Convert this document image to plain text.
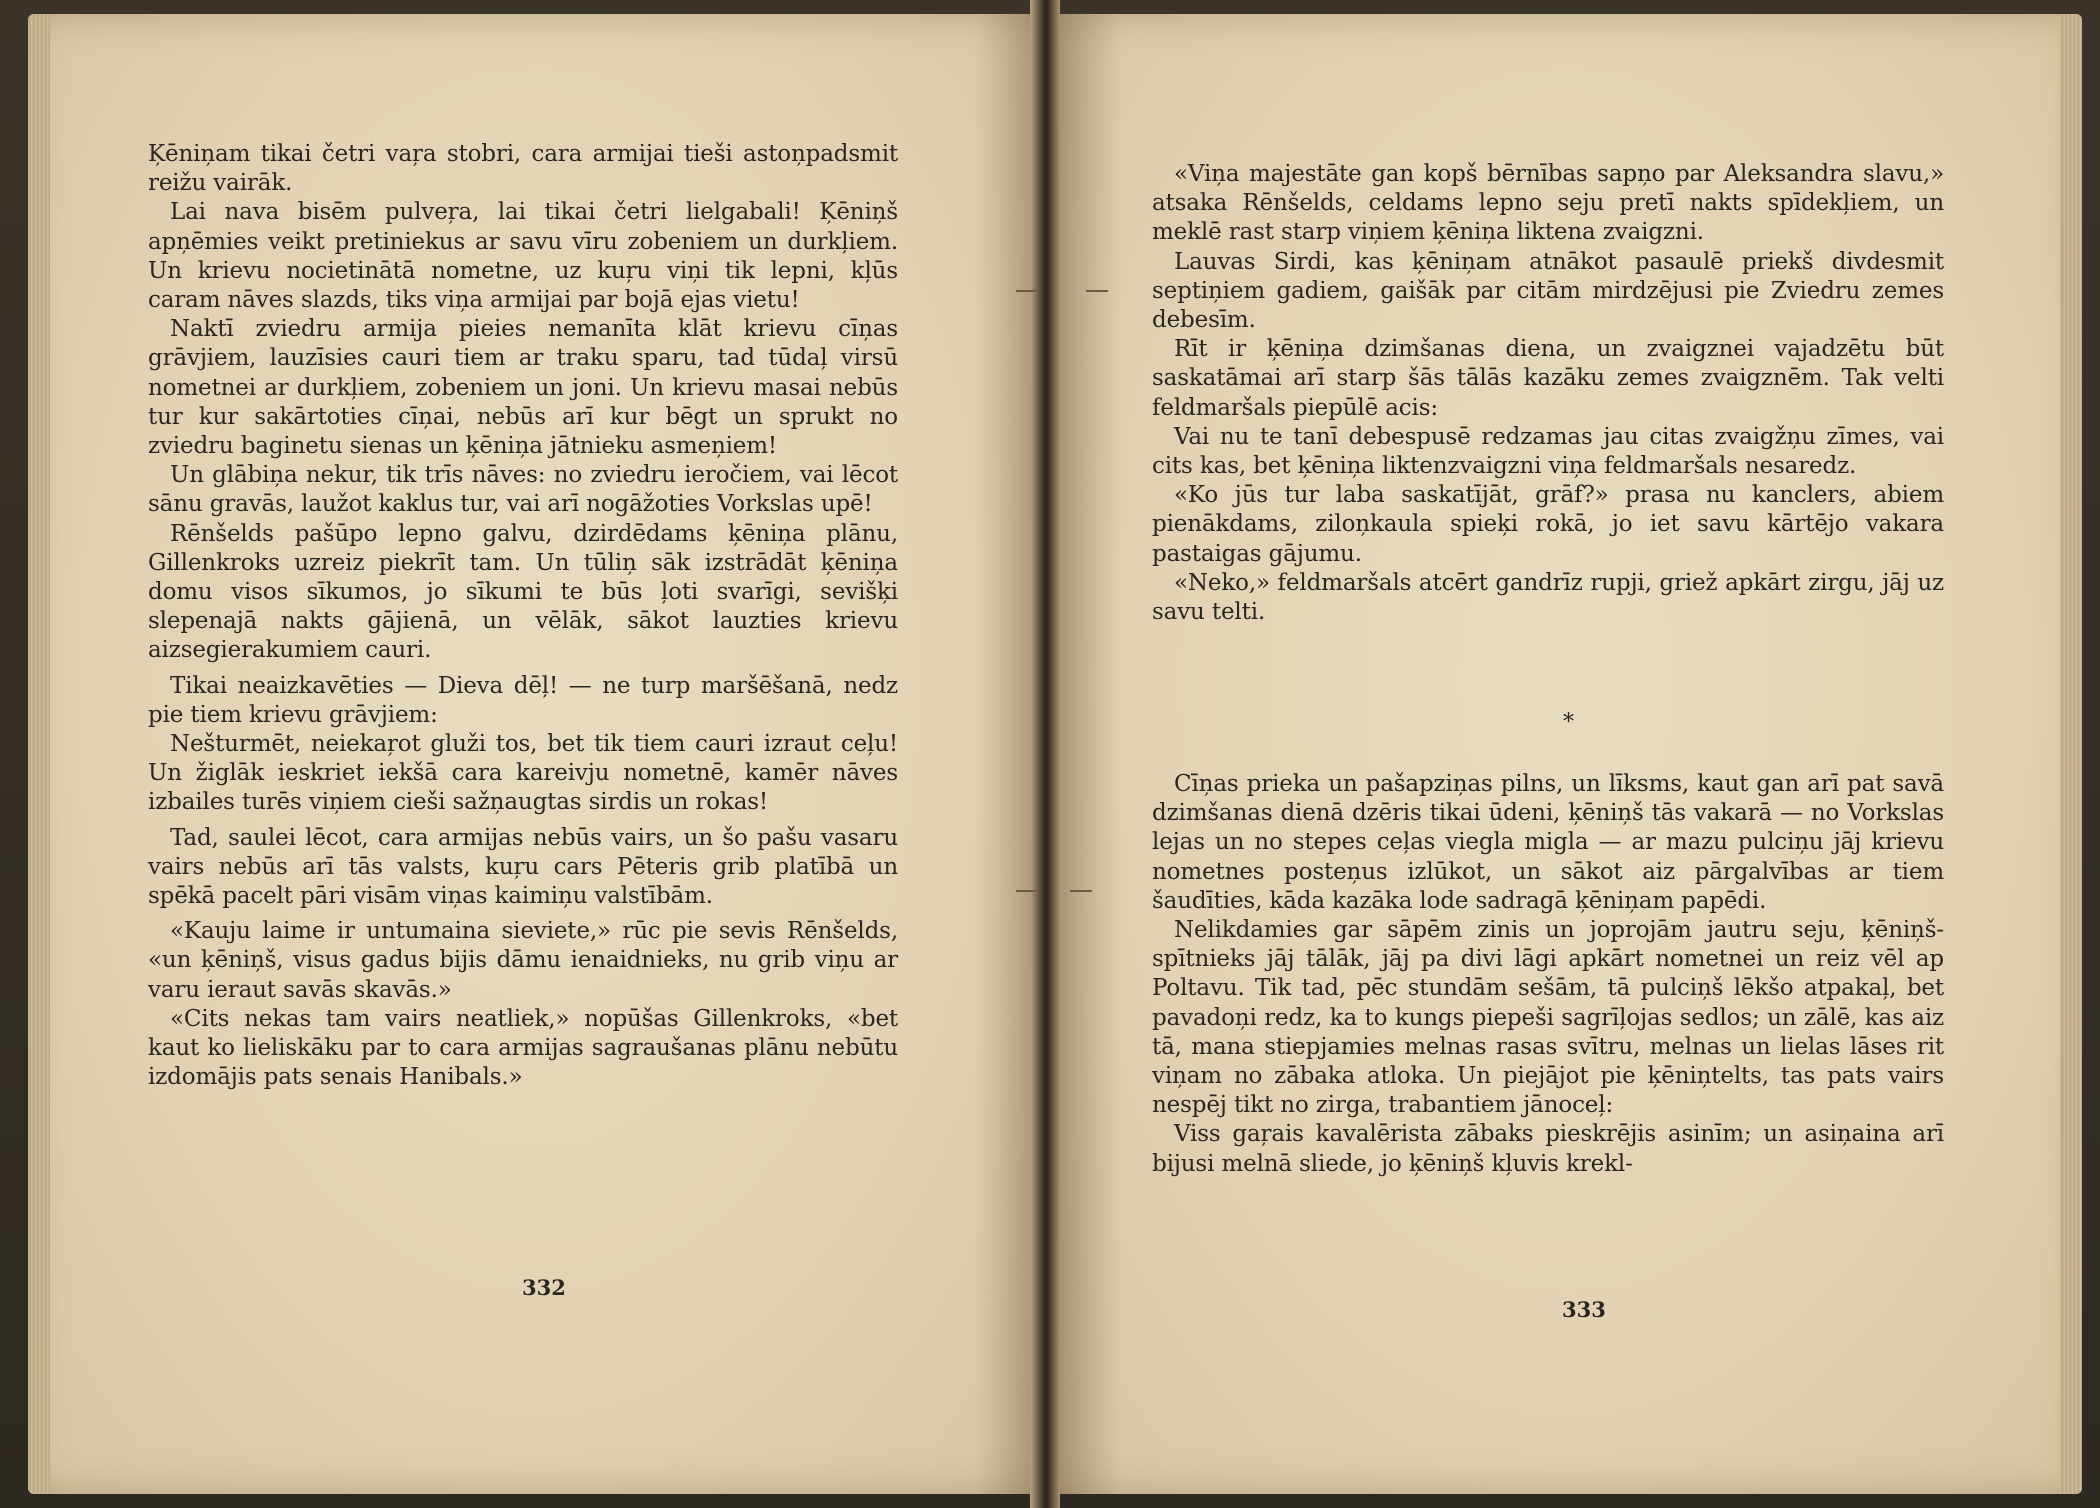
Ķēniņam tikai četri vaŗa stobri, cara armijai tieši astoņpadsmit reižu vairāk.

Lai nava bisēm pulveŗa, lai tikai četri lielgabali! Ķēniņš apņēmies veikt pretiniekus ar savu vīru zobeniem un durkļiem. Un krievu nocietinātā nometne, uz kuŗu viņi tik lepni, kļūs caram nāves slazds, tiks viņa armijai par bojā ejas vietu!

Naktī zviedru armija pieies nemanīta klāt krievu cīņas grāvjiem, lauzīsies cauri tiem ar traku sparu, tad tūdaļ virsū nometnei ar durkļiem, zobeniem un joni. Un krievu masai nebūs tur kur sakārtoties cīņai, nebūs arī kur bēgt un sprukt no zviedru baginetu sienas un ķēniņa jātnieku asmeņiem!

Un glābiņa nekur, tik trīs nāves: no zviedru ieročiem, vai lēcot sānu gravās, laužot kaklus tur, vai arī nogāžoties Vorkslas upē!

Rēnšelds pašūpo lepno galvu, dzirdēdams ķēniņa plānu, Gillenkroks uzreiz piekrīt tam. Un tūliņ sāk izstrādāt ķēniņa domu visos sīkumos, jo sīkumi te būs ļoti svarīgi, sevišķi slepenajā nakts gājienā, un vēlāk, sākot lauzties krievu aizsegierakumiem cauri.

Tikai neaizkavēties — Dieva dēļ! — ne turp maršēšanā, nedz pie tiem krievu grāvjiem:

Nešturmēt, neiekaŗot gluži tos, bet tik tiem cauri izraut ceļu! Un žiglāk ieskriet iekšā cara kareivju nometnē, kamēr nāves izbailes turēs viņiem cieši sažņaugtas sirdis un rokas!

Tad, saulei lēcot, cara armijas nebūs vairs, un šo pašu vasaru vairs nebūs arī tās valsts, kuŗu cars Pēteris grib platībā un spēkā pacelt pāri visām viņas kaimiņu valstībām.

«Kauju laime ir untumaina sieviete,» rūc pie sevis Rēnšelds, «un ķēniņš, visus gadus bijis dāmu ienaidnieks, nu grib viņu ar varu ieraut savās skavās.»

«Cits nekas tam vairs neatliek,» nopūšas Gillenkroks, «bet kaut ko lieliskāku par to cara armijas sagraušanas plānu nebūtu izdomājis pats senais Hanibals.»

332

«Viņa majestāte gan kopš bērnības sapņo par Aleksandra slavu,» atsaka Rēnšelds, celdams lepno seju pretī nakts spīdekļiem, un meklē rast starp viņiem ķēniņa liktena zvaigzni.

Lauvas Sirdi, kas ķēniņam atnākot pasaulē priekš divdesmit septiņiem gadiem, gaišāk par citām mirdzējusi pie Zviedru zemes debesīm.

Rīt ir ķēniņa dzimšanas diena, un zvaigznei vajadzētu būt saskatāmai arī starp šās tālās kazāku zemes zvaigznēm. Tak velti feldmaršals piepūlē acis:

Vai nu te tanī debespusē redzamas jau citas zvaigžņu zīmes, vai cits kas, bet ķēniņa liktenzvaigzni viņa feldmaršals nesaredz.

«Ko jūs tur laba saskatījāt, grāf?» prasa nu kanclers, abiem pienākdams, ziloņkaula spieķi rokā, jo iet savu kārtējo vakara pastaigas gājumu.

«Neko,» feldmaršals atcērt gandrīz rupji, griež apkārt zirgu, jāj uz savu telti.

*

Cīņas prieka un pašapziņas pilns, un līksms, kaut gan arī pat savā dzimšanas dienā dzēris tikai ūdeni, ķēniņš tās vakarā — no Vorkslas lejas un no stepes ceļas viegla migla — ar mazu pulciņu jāj krievu nometnes posteņus izlūkot, un sākot aiz pārgalvības ar tiem šaudīties, kāda kazāka lode sadragā ķēniņam papēdi.

Nelikdamies gar sāpēm zinis un joprojām jautru seju, ķēniņš-spītnieks jāj tālāk, jāj pa divi lāgi apkārt nometnei un reiz vēl ap Poltavu. Tik tad, pēc stundām sešām, tā pulciņš lēkšo atpakaļ, bet pavadoņi redz, ka to kungs piepeši sagrīļojas sedlos; un zālē, kas aiz tā, mana stiepjamies melnas rasas svītru, melnas un lielas lāses rit viņam no zābaka atloka. Un piejājot pie ķēniņtelts, tas pats vairs nespēj tikt no zirga, trabantiem jānoceļ:

Viss gaŗais kavalērista zābaks pieskrējis asinīm; un asiņaina arī bijusi melnā sliede, jo ķēniņš kļuvis krekl-

333
